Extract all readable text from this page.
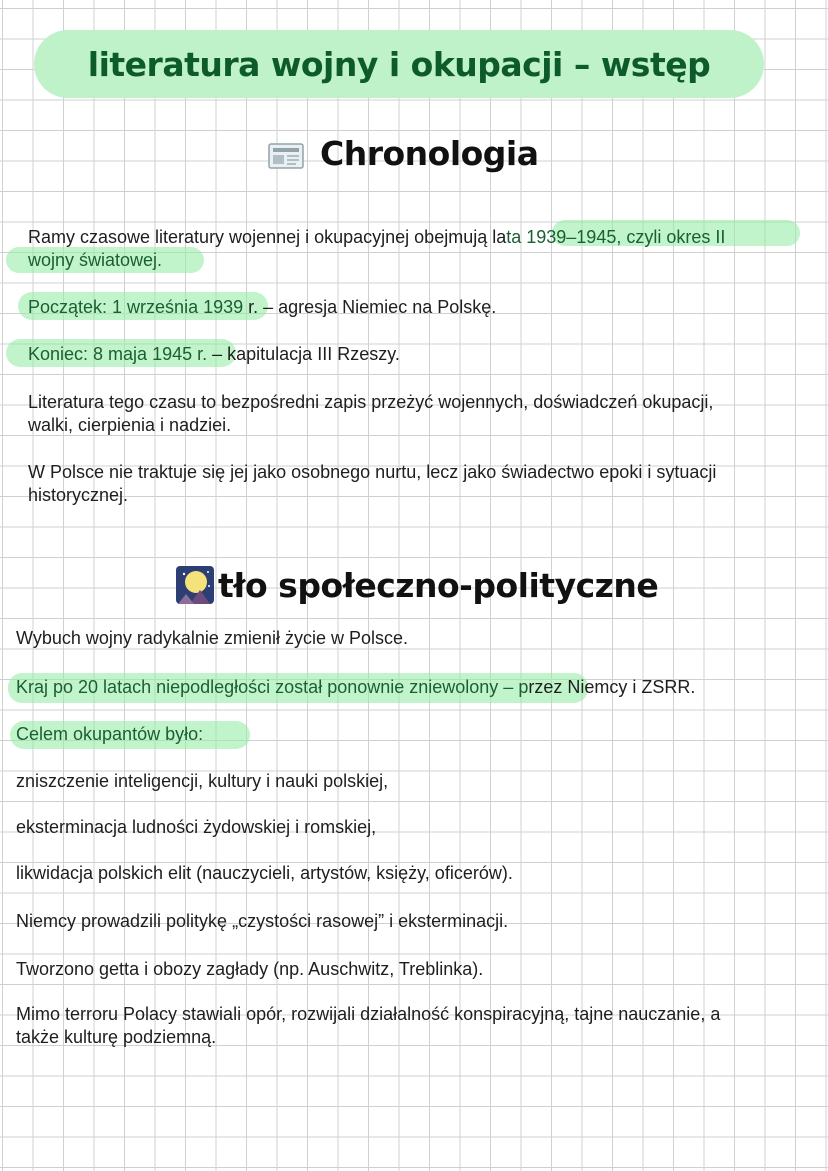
literatura wojny i okupacji – wstęp
Chronologia
Ramy czasowe literatury wojennej i okupacyjnej obejmują lata 1939–1945, czyli okres II
wojny światowej.
Początek: 1 września 1939 r. – agresja Niemiec na Polskę.
Koniec: 8 maja 1945 r. – kapitulacja III Rzeszy.
Literatura tego czasu to bezpośredni zapis przeżyć wojennych, doświadczeń okupacji,
walki, cierpienia i nadziei.
W Polsce nie traktuje się jej jako osobnego nurtu, lecz jako świadectwo epoki i sytuacji
historycznej.
tło społeczno-polityczne
Wybuch wojny radykalnie zmienił życie w Polsce.
Kraj po 20 latach niepodległości został ponownie zniewolony – przez Niemcy i ZSRR.
Celem okupantów było:
zniszczenie inteligencji, kultury i nauki polskiej,
eksterminacja ludności żydowskiej i romskiej,
likwidacja polskich elit (nauczycieli, artystów, księży, oficerów).
Niemcy prowadzili politykę „czystości rasowej” i eksterminacji.
Tworzono getta i obozy zagłady (np. Auschwitz, Treblinka).
Mimo terroru Polacy stawiali opór, rozwijali działalność konspiracyjną, tajne nauczanie, a
także kulturę podziemną.
